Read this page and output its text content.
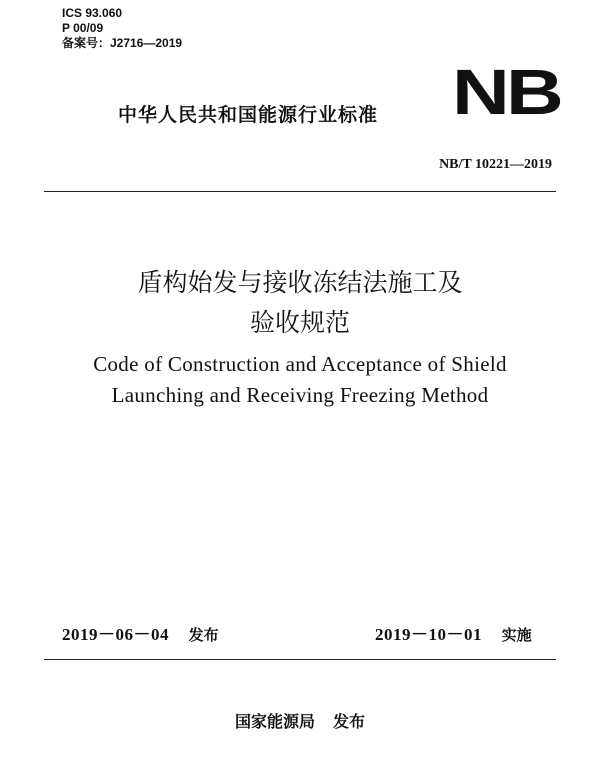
ICS 93.060
P 00/09
备案号：J2716—2019
中华人民共和国能源行业标准 NB
NB/T 10221—2019
盾构始发与接收冻结法施工及
验收规范
Code of Construction and Acceptance of Shield
Launching and Receiving Freezing Method
2019－06－04 发布	2019－10－01 实施
国家能源局 发布
